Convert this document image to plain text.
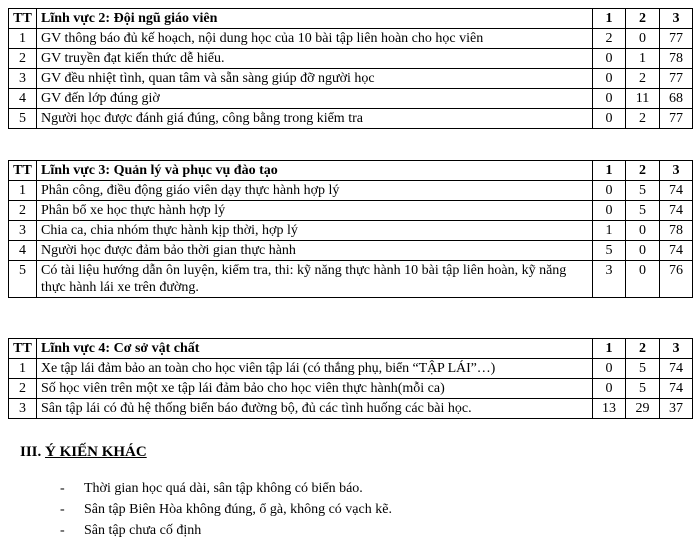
TT	Lĩnh vực 2: Đội ngũ giáo viên	1	2	3
1	GV thông báo đủ kế hoạch, nội dung học của 10 bài tập liên hoàn cho học viên	2	0	77
2	GV truyền đạt kiến thức dễ hiểu.	0	1	78
3	GV đều nhiệt tình, quan tâm và sẵn sàng giúp đỡ người học	0	2	77
4	GV đến lớp đúng giờ	0	11	68
5	Người học được đánh giá đúng, công bằng trong kiểm tra	0	2	77
TT	Lĩnh vực 3: Quản lý và phục vụ đào tạo	1	2	3
1	Phân công, điều động giáo viên dạy thực hành hợp lý	0	5	74
2	Phân bổ xe học thực hành hợp lý	0	5	74
3	Chia ca, chia nhóm thực hành kịp thời, hợp lý	1	0	78
4	Người học được đảm bảo thời gian thực hành	5	0	74
5	Có tài liệu hướng dẫn ôn luyện, kiểm tra, thi: kỹ năng thực hành 10 bài tập liên hoàn, kỹ năng thực hành lái xe trên đường.	3	0	76
TT	Lĩnh vực 4: Cơ sở vật chất	1	2	3
1	Xe tập lái đảm bảo an toàn cho học viên tập lái (có thắng phụ, biển “TẬP LÁI”…)	0	5	74
2	Số học viên trên một xe tập lái đảm bảo cho học viên thực hành(mỗi ca)	0	5	74
3	Sân tập lái có đủ hệ thống biển báo đường bộ, đủ các tình huống các bài học.	13	29	37
III. Ý KIẾN KHÁC
- Thời gian học quá dài, sân tập không có biển báo.
- Sân tập Biên Hòa không đúng, ổ gà, không có vạch kẽ.
- Sân tập chưa cố định
